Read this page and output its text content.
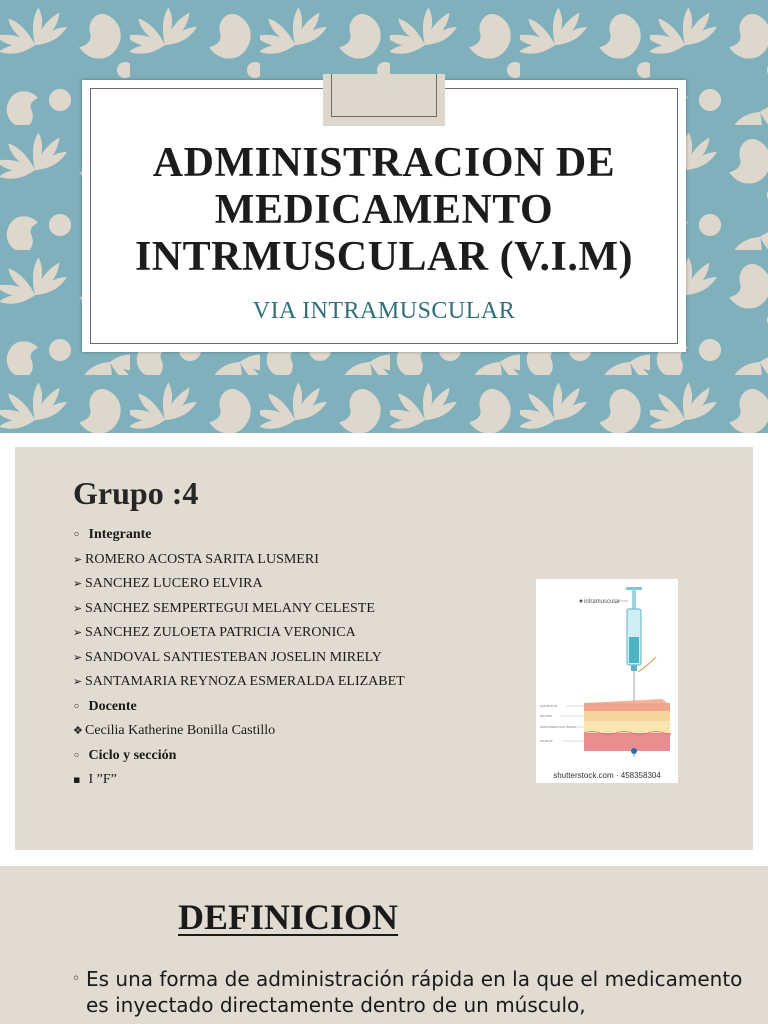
ADMINISTRACION DE
MEDICAMENTO
INTRMUSCULAR (V.I.M)
VIA INTRAMUSCULAR
Grupo :4
◦ Integrante
➢ ROMERO ACOSTA SARITA LUSMERI
➢ SANCHEZ LUCERO ELVIRA
➢ SANCHEZ SEMPERTEGUI MELANY CELESTE
➢ SANCHEZ ZULOETA PATRICIA VERONICA
➢ SANDOVAL SANTIESTEBAN JOSELIN MIRELY
➢ SANTAMARIA REYNOZA ESMERALDA ELIZABET
◦ Docente
❖ Cecilia Katherine Bonilla Castillo
◦ Ciclo y sección
▪ I ”F”
intramuscular
epidermis
dermis
subcutaneous tissue
muscle
shutterstock.com · 458358304
DEFINICION

◦ Es una forma de administración rápida en la que el medicamento es inyectado directamente dentro de un músculo,
